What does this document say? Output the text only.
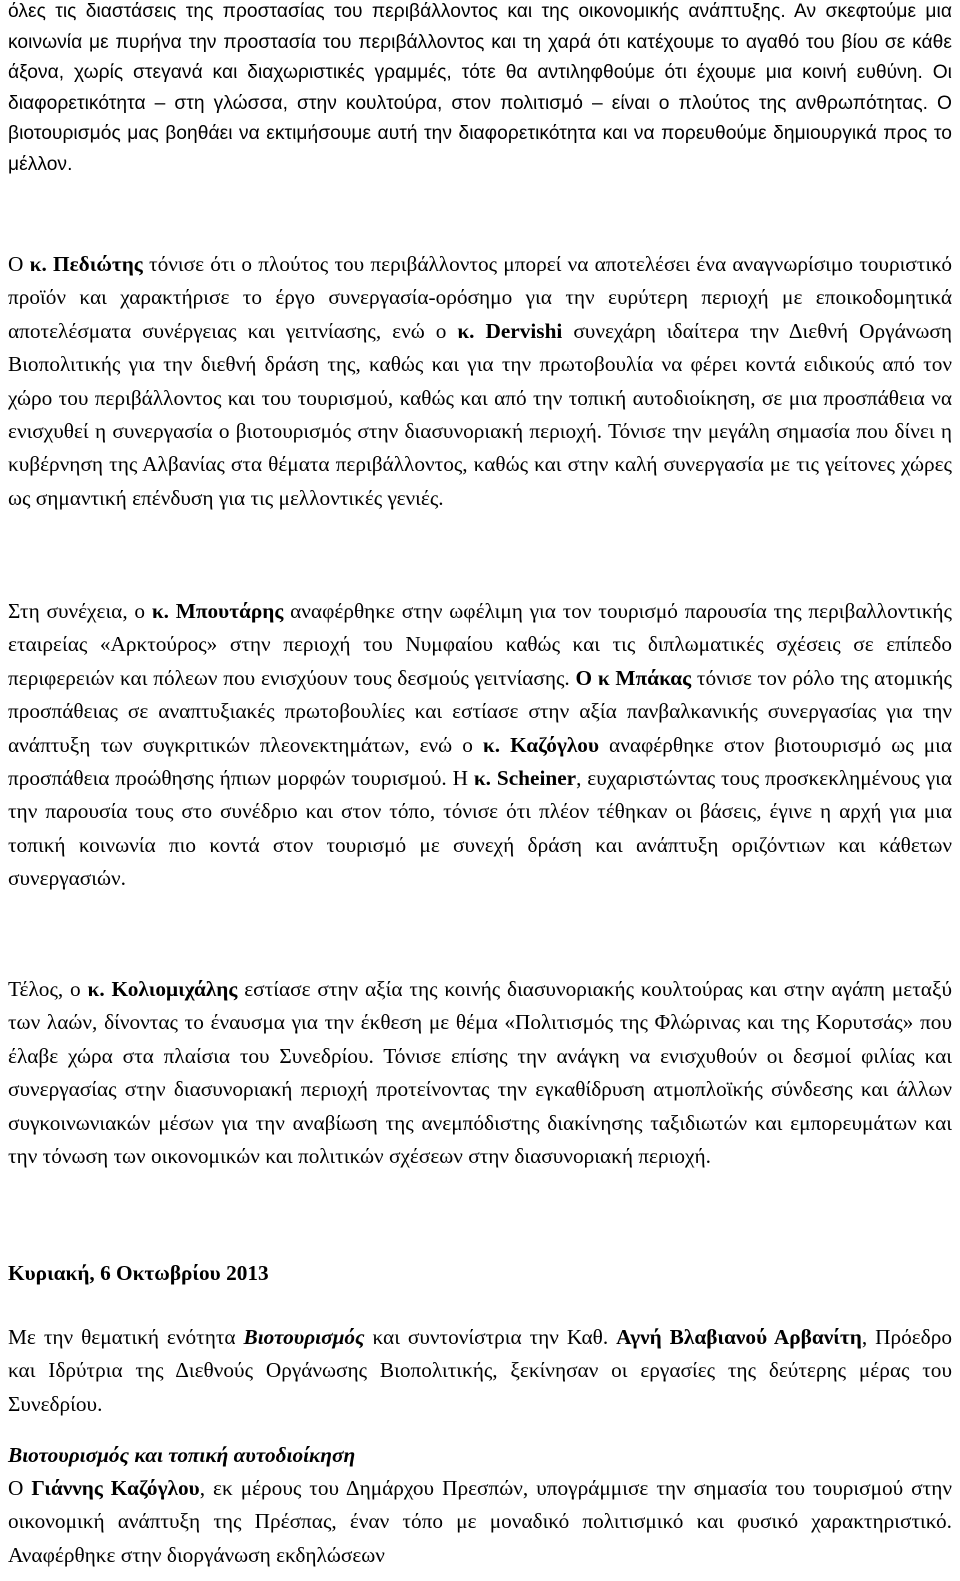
όλες τις διαστάσεις της προστασίας του περιβάλλοντος και της οικονομικής ανάπτυξης. Αν σκεφτούμε μια κοινωνία με πυρήνα την προστασία του περιβάλλοντος και τη χαρά ότι κατέχουμε το αγαθό του βίου σε κάθε άξονα, χωρίς στεγανά και διαχωριστικές γραμμές, τότε θα αντιληφθούμε ότι έχουμε μια κοινή ευθύνη. Οι διαφορετικότητα – στη γλώσσα, στην κουλτούρα, στον πολιτισμό – είναι ο πλούτος της ανθρωπότητας. Ο βιοτουρισμός μας βοηθάει να εκτιμήσουμε αυτή την διαφορετικότητα και να πορευθούμε δημιουργικά προς το μέλλον.

Ο κ. Πεδιώτης τόνισε ότι ο πλούτος του περιβάλλοντος μπορεί να αποτελέσει ένα αναγνωρίσιμο τουριστικό προϊόν και χαρακτήρισε το έργο συνεργασία-ορόσημο για την ευρύτερη περιοχή με εποικοδομητικά αποτελέσματα συνέργειας και γειτνίασης, ενώ ο κ. Dervishi συνεχάρη ιδαίτερα την Διεθνή Οργάνωση Βιοπολιτικής για την διεθνή δράση της, καθώς και για την πρωτοβουλία να φέρει κοντά ειδικούς από τον χώρο του περιβάλλοντος και του τουρισμού, καθώς και από την τοπική αυτοδιοίκηση, σε μια προσπάθεια να ενισχυθεί η συνεργασία ο βιοτουρισμός στην διασυνοριακή περιοχή. Τόνισε την μεγάλη σημασία που δίνει η κυβέρνηση της Αλβανίας στα θέματα περιβάλλοντος, καθώς και στην καλή συνεργασία με τις γείτονες χώρες ως σημαντική επένδυση για τις μελλοντικές γενιές.

Στη συνέχεια, ο κ. Μπουτάρης αναφέρθηκε στην ωφέλιμη για τον τουρισμό παρουσία της περιβαλλοντικής εταιρείας «Αρκτούρος» στην περιοχή του Νυμφαίου καθώς και τις διπλωματικές σχέσεις σε επίπεδο περιφερειών και πόλεων που ενισχύουν τους δεσμούς γειτνίασης. Ο κ Μπάκας τόνισε τον ρόλο της ατομικής προσπάθειας σε αναπτυξιακές πρωτοβουλίες και εστίασε στην αξία πανβαλκανικής συνεργασίας για την ανάπτυξη των συγκριτικών πλεονεκτημάτων, ενώ ο κ. Καζόγλου αναφέρθηκε στον βιοτουρισμό ως μια προσπάθεια προώθησης ήπιων μορφών τουρισμού. Η κ. Scheiner, ευχαριστώντας τους προσκεκλημένους για την παρουσία τους στο συνέδριο και στον τόπο, τόνισε ότι πλέον τέθηκαν οι βάσεις, έγινε η αρχή για μια τοπική κοινωνία πιο κοντά στον τουρισμό με συνεχή δράση και ανάπτυξη οριζόντιων και κάθετων συνεργασιών.

Τέλος, ο κ. Κολιομιχάλης εστίασε στην αξία της κοινής διασυνοριακής κουλτούρας και στην αγάπη μεταξύ των λαών, δίνοντας το έναυσμα για την έκθεση με θέμα «Πολιτισμός της Φλώρινας και της Κορυτσάς» που έλαβε χώρα στα πλαίσια του Συνεδρίου. Τόνισε επίσης την ανάγκη να ενισχυθούν οι δεσμοί φιλίας και συνεργασίας στην διασυνοριακή περιοχή προτείνοντας την εγκαθίδρυση ατμοπλοϊκής σύνδεσης και άλλων συγκοινωνιακών μέσων για την αναβίωση της ανεμπόδιστης διακίνησης ταξιδιωτών και εμπορευμάτων και την τόνωση των οικονομικών και πολιτικών σχέσεων στην διασυνοριακή περιοχή.

Κυριακή, 6 Οκτωβρίου 2013

Με την θεματική ενότητα Βιοτουρισμός και συντονίστρια την Καθ. Αγνή Βλαβιανού Αρβανίτη, Πρόεδρο και Ιδρύτρια της Διεθνούς Οργάνωσης Βιοπολιτικής, ξεκίνησαν οι εργασίες της δεύτερης μέρας του Συνεδρίου.

Βιοτουρισμός και τοπική αυτοδιοίκηση

Ο Γιάννης Καζόγλου, εκ μέρους του Δημάρχου Πρεσπών, υπογράμμισε την σημασία του τουρισμού στην οικονομική ανάπτυξη της Πρέσπας, έναν τόπο με μοναδικό πολιτισμικό και φυσικό χαρακτηριστικό. Αναφέρθηκε στην διοργάνωση εκδηλώσεων
